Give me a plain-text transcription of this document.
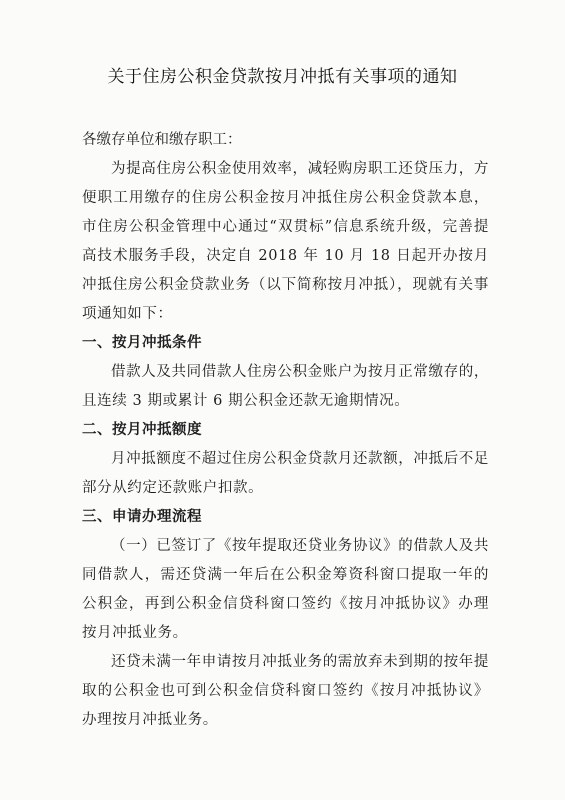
关于住房公积金贷款按月冲抵有关事项的通知

各缴存单位和缴存职工：

为提高住房公积金使用效率，减轻购房职工还贷压力，方便职工用缴存的住房公积金按月冲抵住房公积金贷款本息，市住房公积金管理中心通过“双贯标”信息系统升级，完善提高技术服务手段，决定自 2018 年 10 月 18 日起开办按月冲抵住房公积金贷款业务（以下简称按月冲抵），现就有关事项通知如下：

一、按月冲抵条件

借款人及共同借款人住房公积金账户为按月正常缴存的，且连续 3 期或累计 6 期公积金还款无逾期情况。

二、按月冲抵额度

月冲抵额度不超过住房公积金贷款月还款额，冲抵后不足部分从约定还款账户扣款。

三、申请办理流程

（一）已签订了《按年提取还贷业务协议》的借款人及共同借款人，需还贷满一年后在公积金筹资科窗口提取一年的公积金，再到公积金信贷科窗口签约《按月冲抵协议》办理按月冲抵业务。

还贷未满一年申请按月冲抵业务的需放弃未到期的按年提取的公积金也可到公积金信贷科窗口签约《按月冲抵协议》办理按月冲抵业务。
